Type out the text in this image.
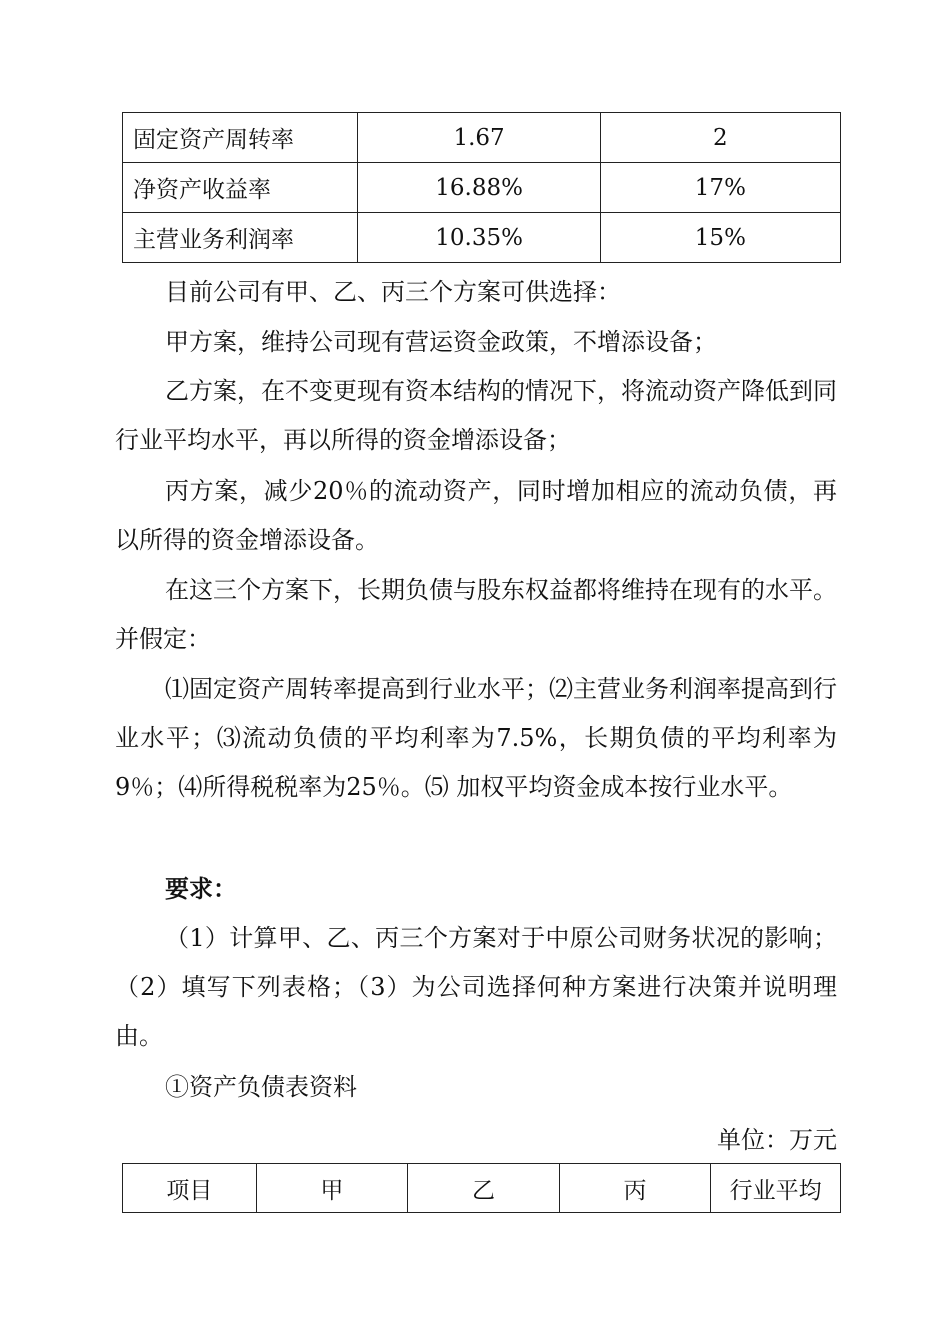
固定资产周转率	1.67	2
净资产收益率	16.88%	17%
主营业务利润率	10.35%	15%

目前公司有甲、乙、丙三个方案可供选择：

甲方案，维持公司现有营运资金政策，不增添设备；

乙方案，在不变更现有资本结构的情况下，将流动资产降低到同行业平均水平，再以所得的资金增添设备；

丙方案，减少20％的流动资产，同时增加相应的流动负债，再以所得的资金增添设备。

在这三个方案下，长期负债与股东权益都将维持在现有的水平。并假定：

⑴固定资产周转率提高到行业水平；⑵主营业务利润率提高到行业水平；⑶流动负债的平均利率为7.5%，长期负债的平均利率为9％；⑷所得税税率为25％。⑸ 加权平均资金成本按行业水平。

要求：

（1）计算甲、乙、丙三个方案对于中原公司财务状况的影响；（2）填写下列表格；（3）为公司选择何种方案进行决策并说明理由。

①资产负债表资料

单位：万元
项目	甲	乙	丙	行业平均
